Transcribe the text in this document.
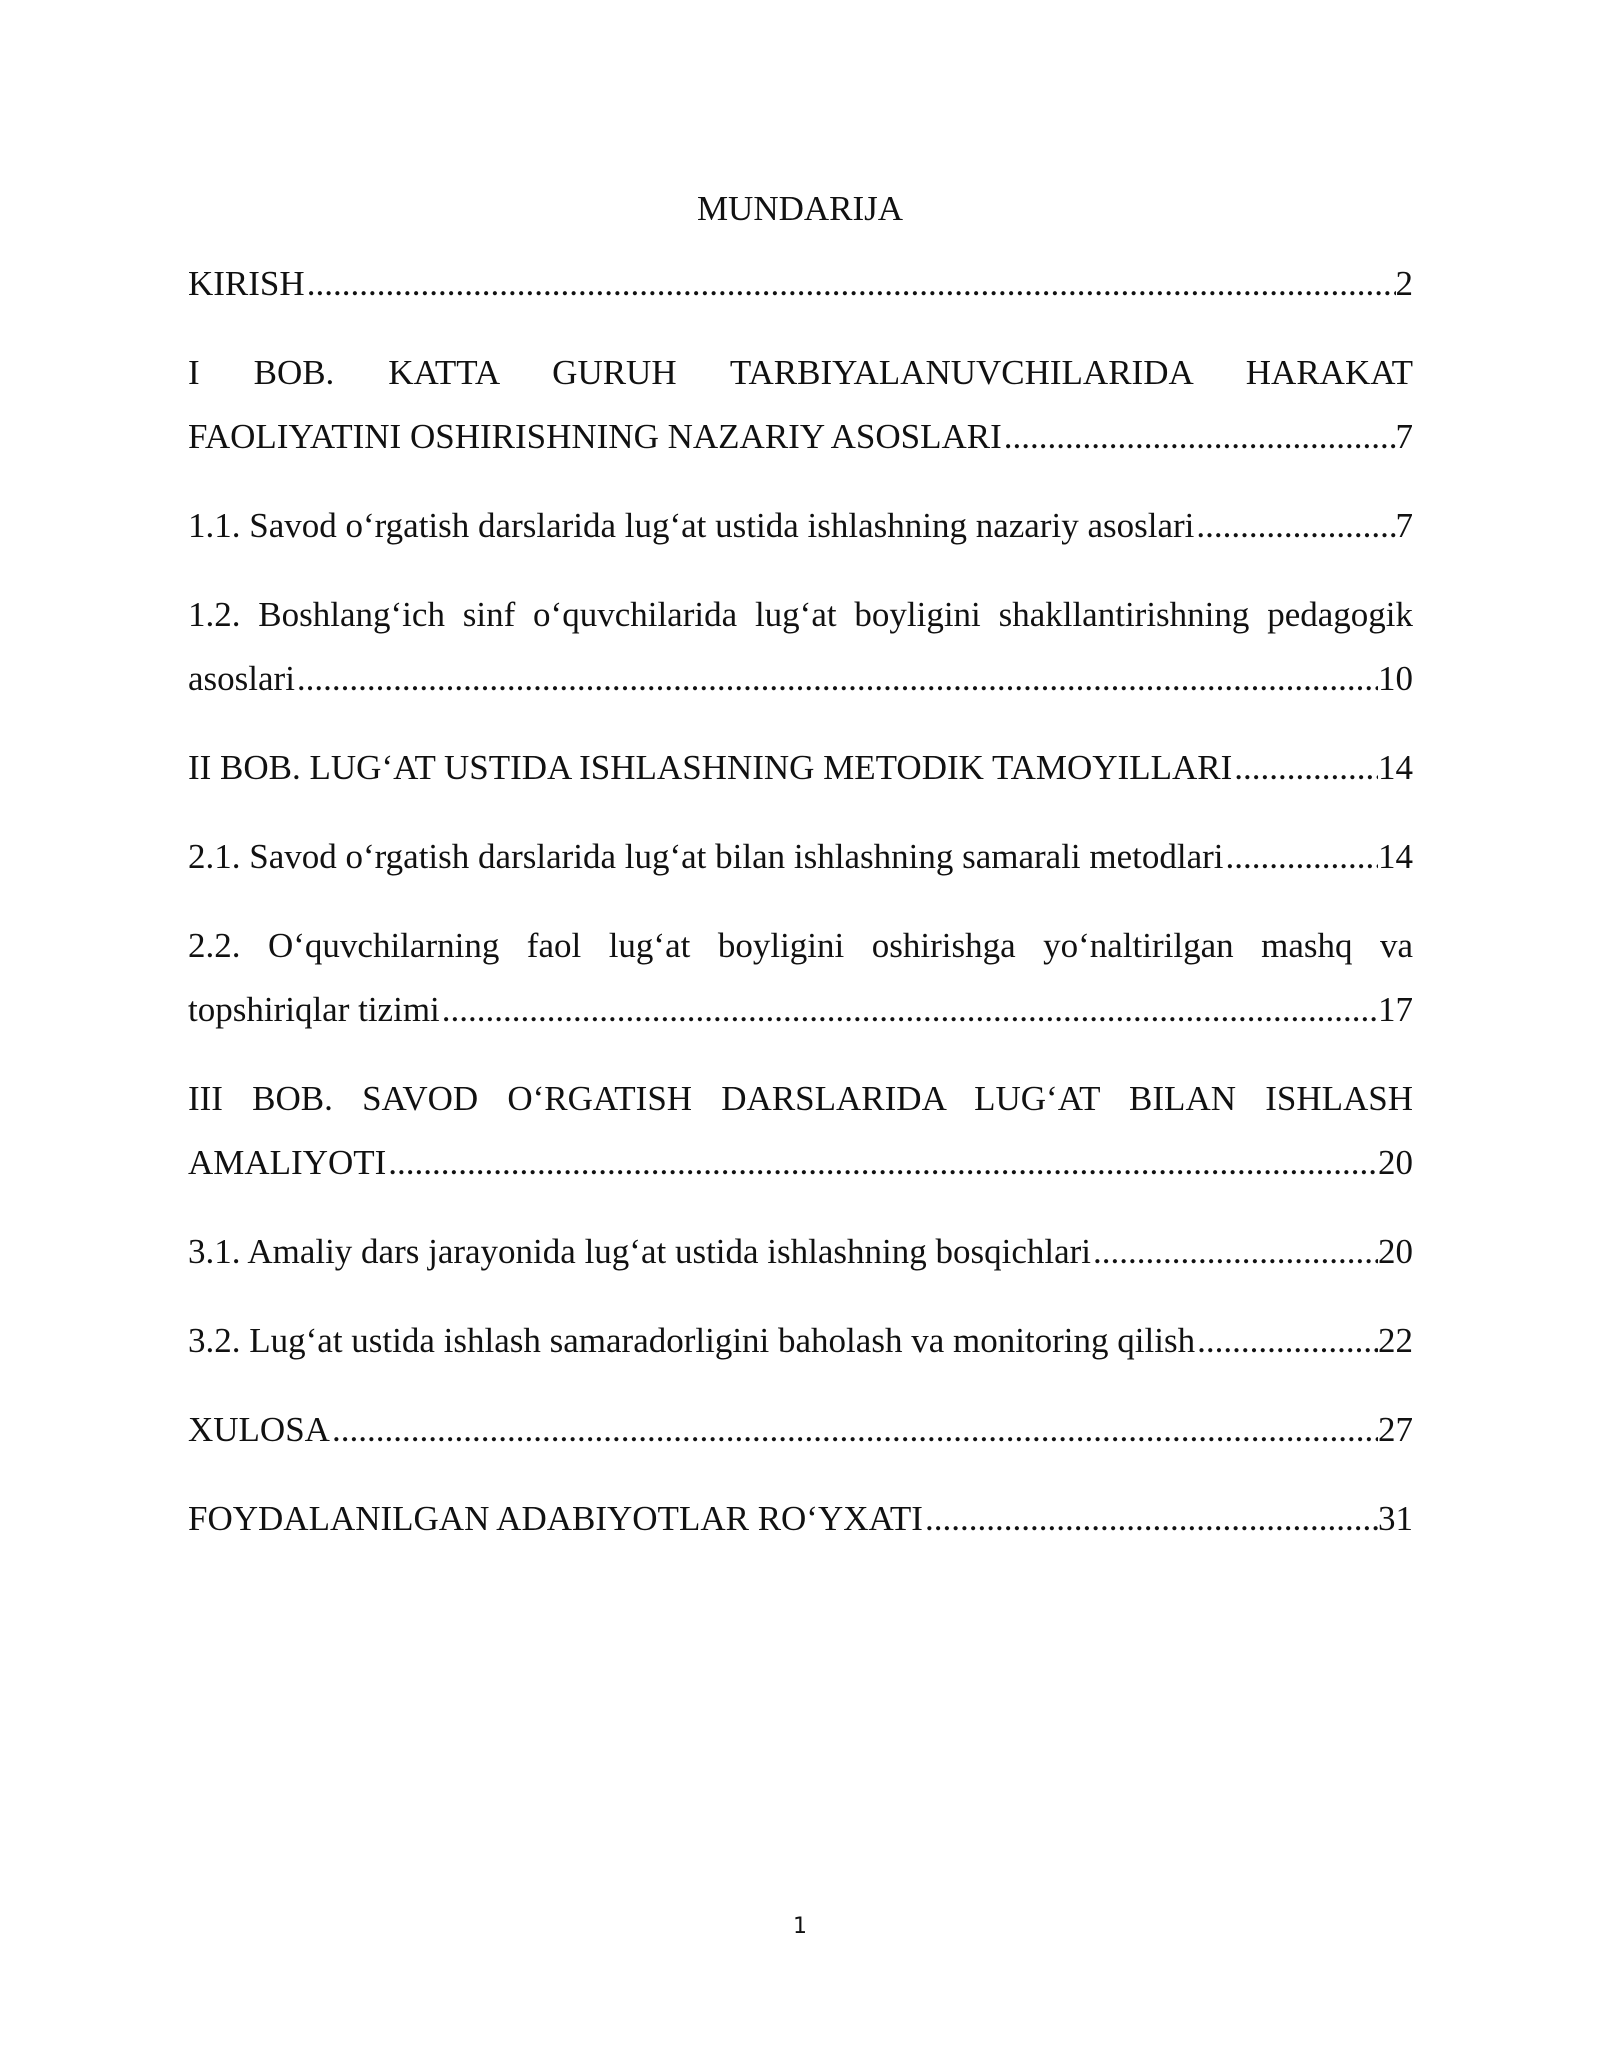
MUNDARIJA
KIRISH .....	2
I BOB. KATTA GURUH TARBIYALANUVCHILARIDA HARAKAT
FAOLIYATINI OSHIRISHNING NAZARIY ASOSLARI .....	7
1.1. Savod o‘rgatish darslarida lug‘at ustida ishlashning nazariy asoslari .....	7
1.2. Boshlang‘ich sinf o‘quvchilarida lug‘at boyligini shakllantirishning pedagogik
asoslari .....	10
II BOB. LUG‘AT USTIDA ISHLASHNING METODIK TAMOYILLARI .....	14
2.1. Savod o‘rgatish darslarida lug‘at bilan ishlashning samarali metodlari .....	14
2.2. O‘quvchilarning faol lug‘at boyligini oshirishga yo‘naltirilgan mashq va
topshiriqlar tizimi .....	17
III BOB. SAVOD O‘RGATISH DARSLARIDA LUG‘AT BILAN ISHLASH
AMALIYOTI .....	20
3.1. Amaliy dars jarayonida lug‘at ustida ishlashning bosqichlari .....	20
3.2. Lug‘at ustida ishlash samaradorligini baholash va monitoring qilish .....	22
XULOSA .....	27
FOYDALANILGAN ADABIYOTLAR RO‘YXATI .....	31
1
